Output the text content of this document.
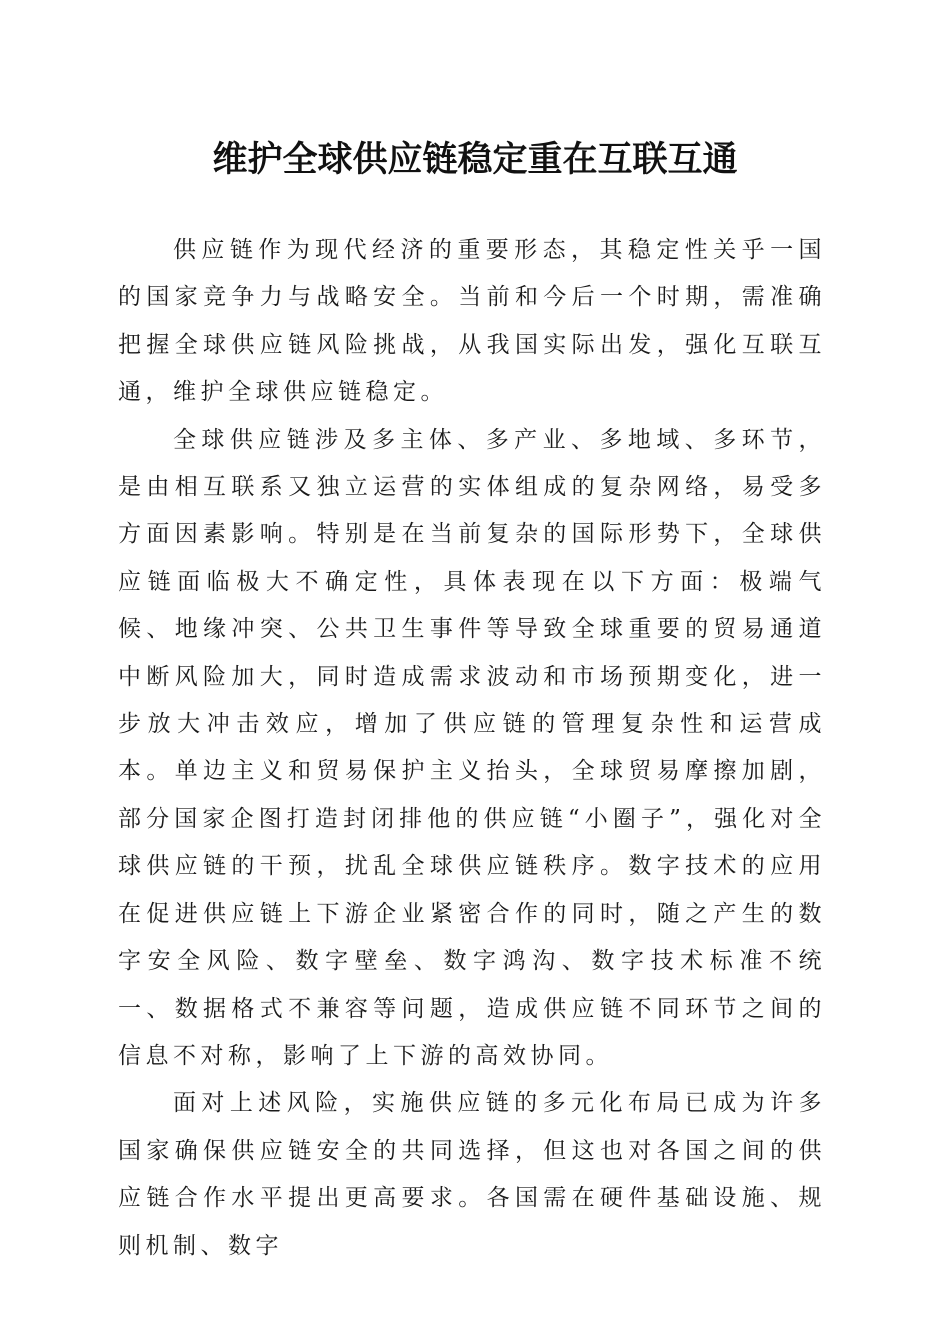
维护全球供应链稳定重在互联互通

供应链作为现代经济的重要形态，其稳定性关乎一国的国家竞争力与战略安全。当前和今后一个时期，需准确把握全球供应链风险挑战，从我国实际出发，强化互联互通，维护全球供应链稳定。

全球供应链涉及多主体、多产业、多地域、多环节，是由相互联系又独立运营的实体组成的复杂网络，易受多方面因素影响。特别是在当前复杂的国际形势下，全球供应链面临极大不确定性，具体表现在以下方面：极端气候、地缘冲突、公共卫生事件等导致全球重要的贸易通道中断风险加大，同时造成需求波动和市场预期变化，进一步放大冲击效应，增加了供应链的管理复杂性和运营成本。单边主义和贸易保护主义抬头，全球贸易摩擦加剧，部分国家企图打造封闭排他的供应链“小圈子”，强化对全球供应链的干预，扰乱全球供应链秩序。数字技术的应用在促进供应链上下游企业紧密合作的同时，随之产生的数字安全风险、数字壁垒、数字鸿沟、数字技术标准不统一、数据格式不兼容等问题，造成供应链不同环节之间的信息不对称，影响了上下游的高效协同。

面对上述风险，实施供应链的多元化布局已成为许多国家确保供应链安全的共同选择，但这也对各国之间的供应链合作水平提出更高要求。各国需在硬件基础设施、规则机制、数字
